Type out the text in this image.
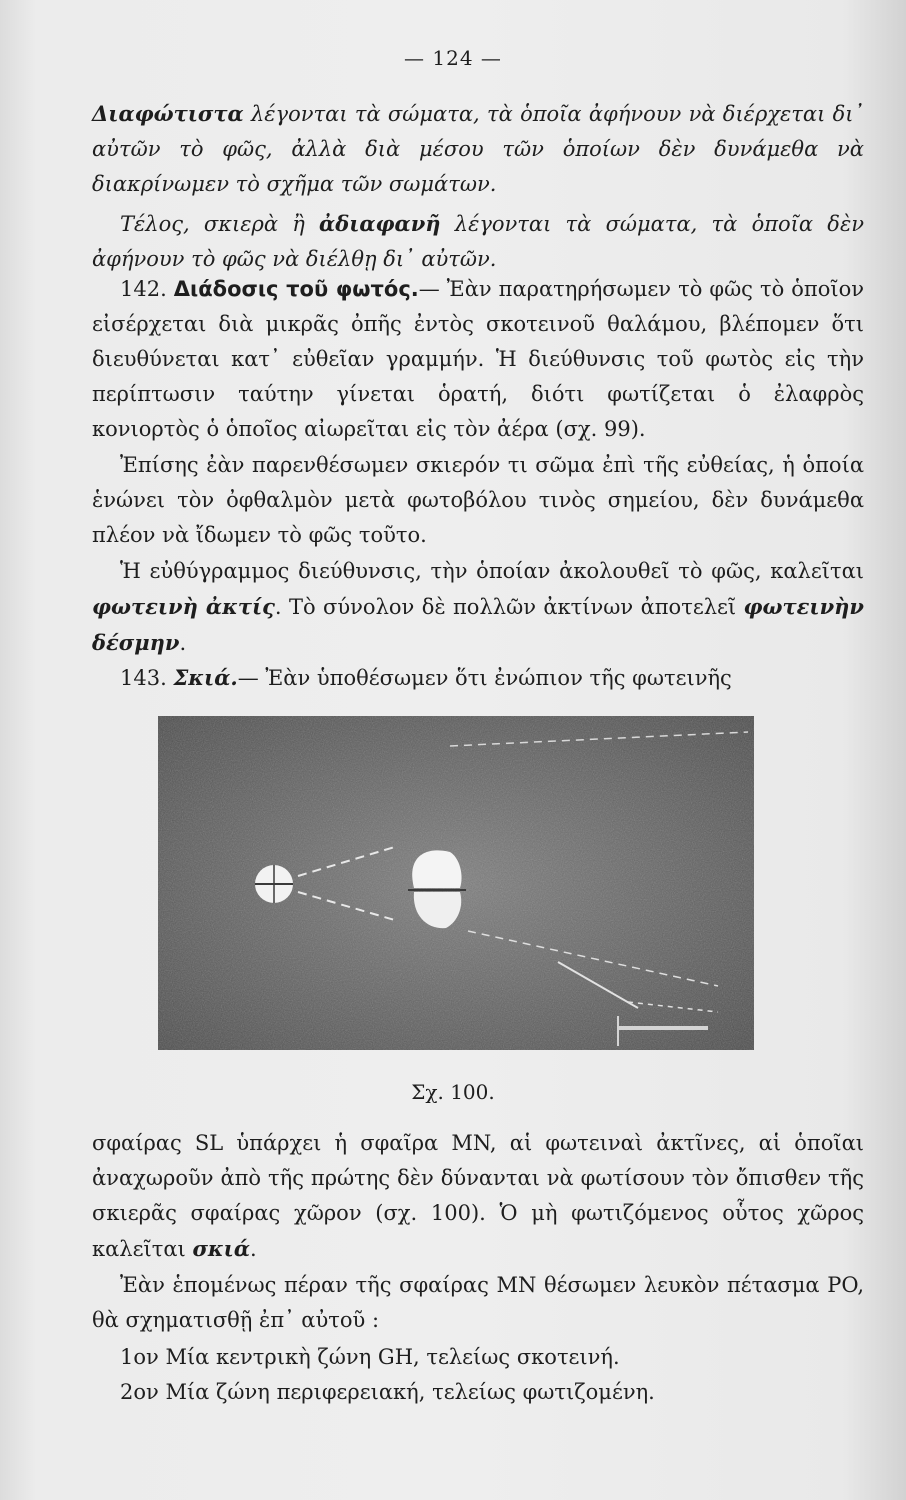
— 124 —

Διαφώτιστα λέγονται τὰ σώματα, τὰ ὁποῖα ἀφήνουν νὰ διέρχεται δι᾽ αὐτῶν τὸ φῶς, ἀλλὰ διὰ μέσου τῶν ὁποίων δὲν δυνάμεθα νὰ διακρίνωμεν τὸ σχῆμα τῶν σωμάτων.

Τέλος, σκιερὰ ἢ ἀδιαφανῆ λέγονται τὰ σώματα, τὰ ὁποῖα δὲν ἀφήνουν τὸ φῶς νὰ διέλθῃ δι᾽ αὐτῶν.

142. Διάδοσις τοῦ φωτός.— Ἐὰν παρατηρήσωμεν τὸ φῶς τὸ ὁποῖον εἰσέρχεται διὰ μικρᾶς ὀπῆς ἐντὸς σκοτεινοῦ θαλάμου, βλέπομεν ὅτι διευθύνεται κατ᾽ εὐθεῖαν γραμμήν. Ἡ διεύθυνσις τοῦ φωτὸς εἰς τὴν περίπτωσιν ταύτην γίνεται ὁρατή, διότι φωτίζεται ὁ ἐλαφρὸς κονιορτὸς ὁ ὁποῖος αἰωρεῖται εἰς τὸν ἀέρα (σχ. 99).

Ἐπίσης ἐὰν παρενθέσωμεν σκιερόν τι σῶμα ἐπὶ τῆς εὐθείας, ἡ ὁποία ἑνώνει τὸν ὀφθαλμὸν μετὰ φωτοβόλου τινὸς σημείου, δὲν δυνάμεθα πλέον νὰ ἴδωμεν τὸ φῶς τοῦτο.

Ἡ εὐθύγραμμος διεύθυνσις, τὴν ὁποίαν ἀκολουθεῖ τὸ φῶς, καλεῖται φωτεινὴ ἀκτίς. Τὸ σύνολον δὲ πολλῶν ἀκτίνων ἀποτελεῖ φωτεινὴν δέσμην.

143. Σκιά.— Ἐὰν ὑποθέσωμεν ὅτι ἐνώπιον τῆς φωτεινῆς

Σχ. 100.

σφαίρας SL ὑπάρχει ἡ σφαῖρα MN, αἱ φωτειναὶ ἀκτῖνες, αἱ ὁποῖαι ἀναχωροῦν ἀπὸ τῆς πρώτης δὲν δύνανται νὰ φωτίσουν τὸν ὄπισθεν τῆς σκιερᾶς σφαίρας χῶρον (σχ. 100). Ὁ μὴ φωτιζόμενος οὗτος χῶρος καλεῖται σκιά.

Ἐὰν ἑπομένως πέραν τῆς σφαίρας MN θέσωμεν λευκὸν πέτασμα PO, θὰ σχηματισθῇ ἐπ᾽ αὐτοῦ :

1ον Μία κεντρικὴ ζώνη GH, τελείως σκοτεινή.

2ον Μία ζώνη περιφερειακή, τελείως φωτιζομένη.
